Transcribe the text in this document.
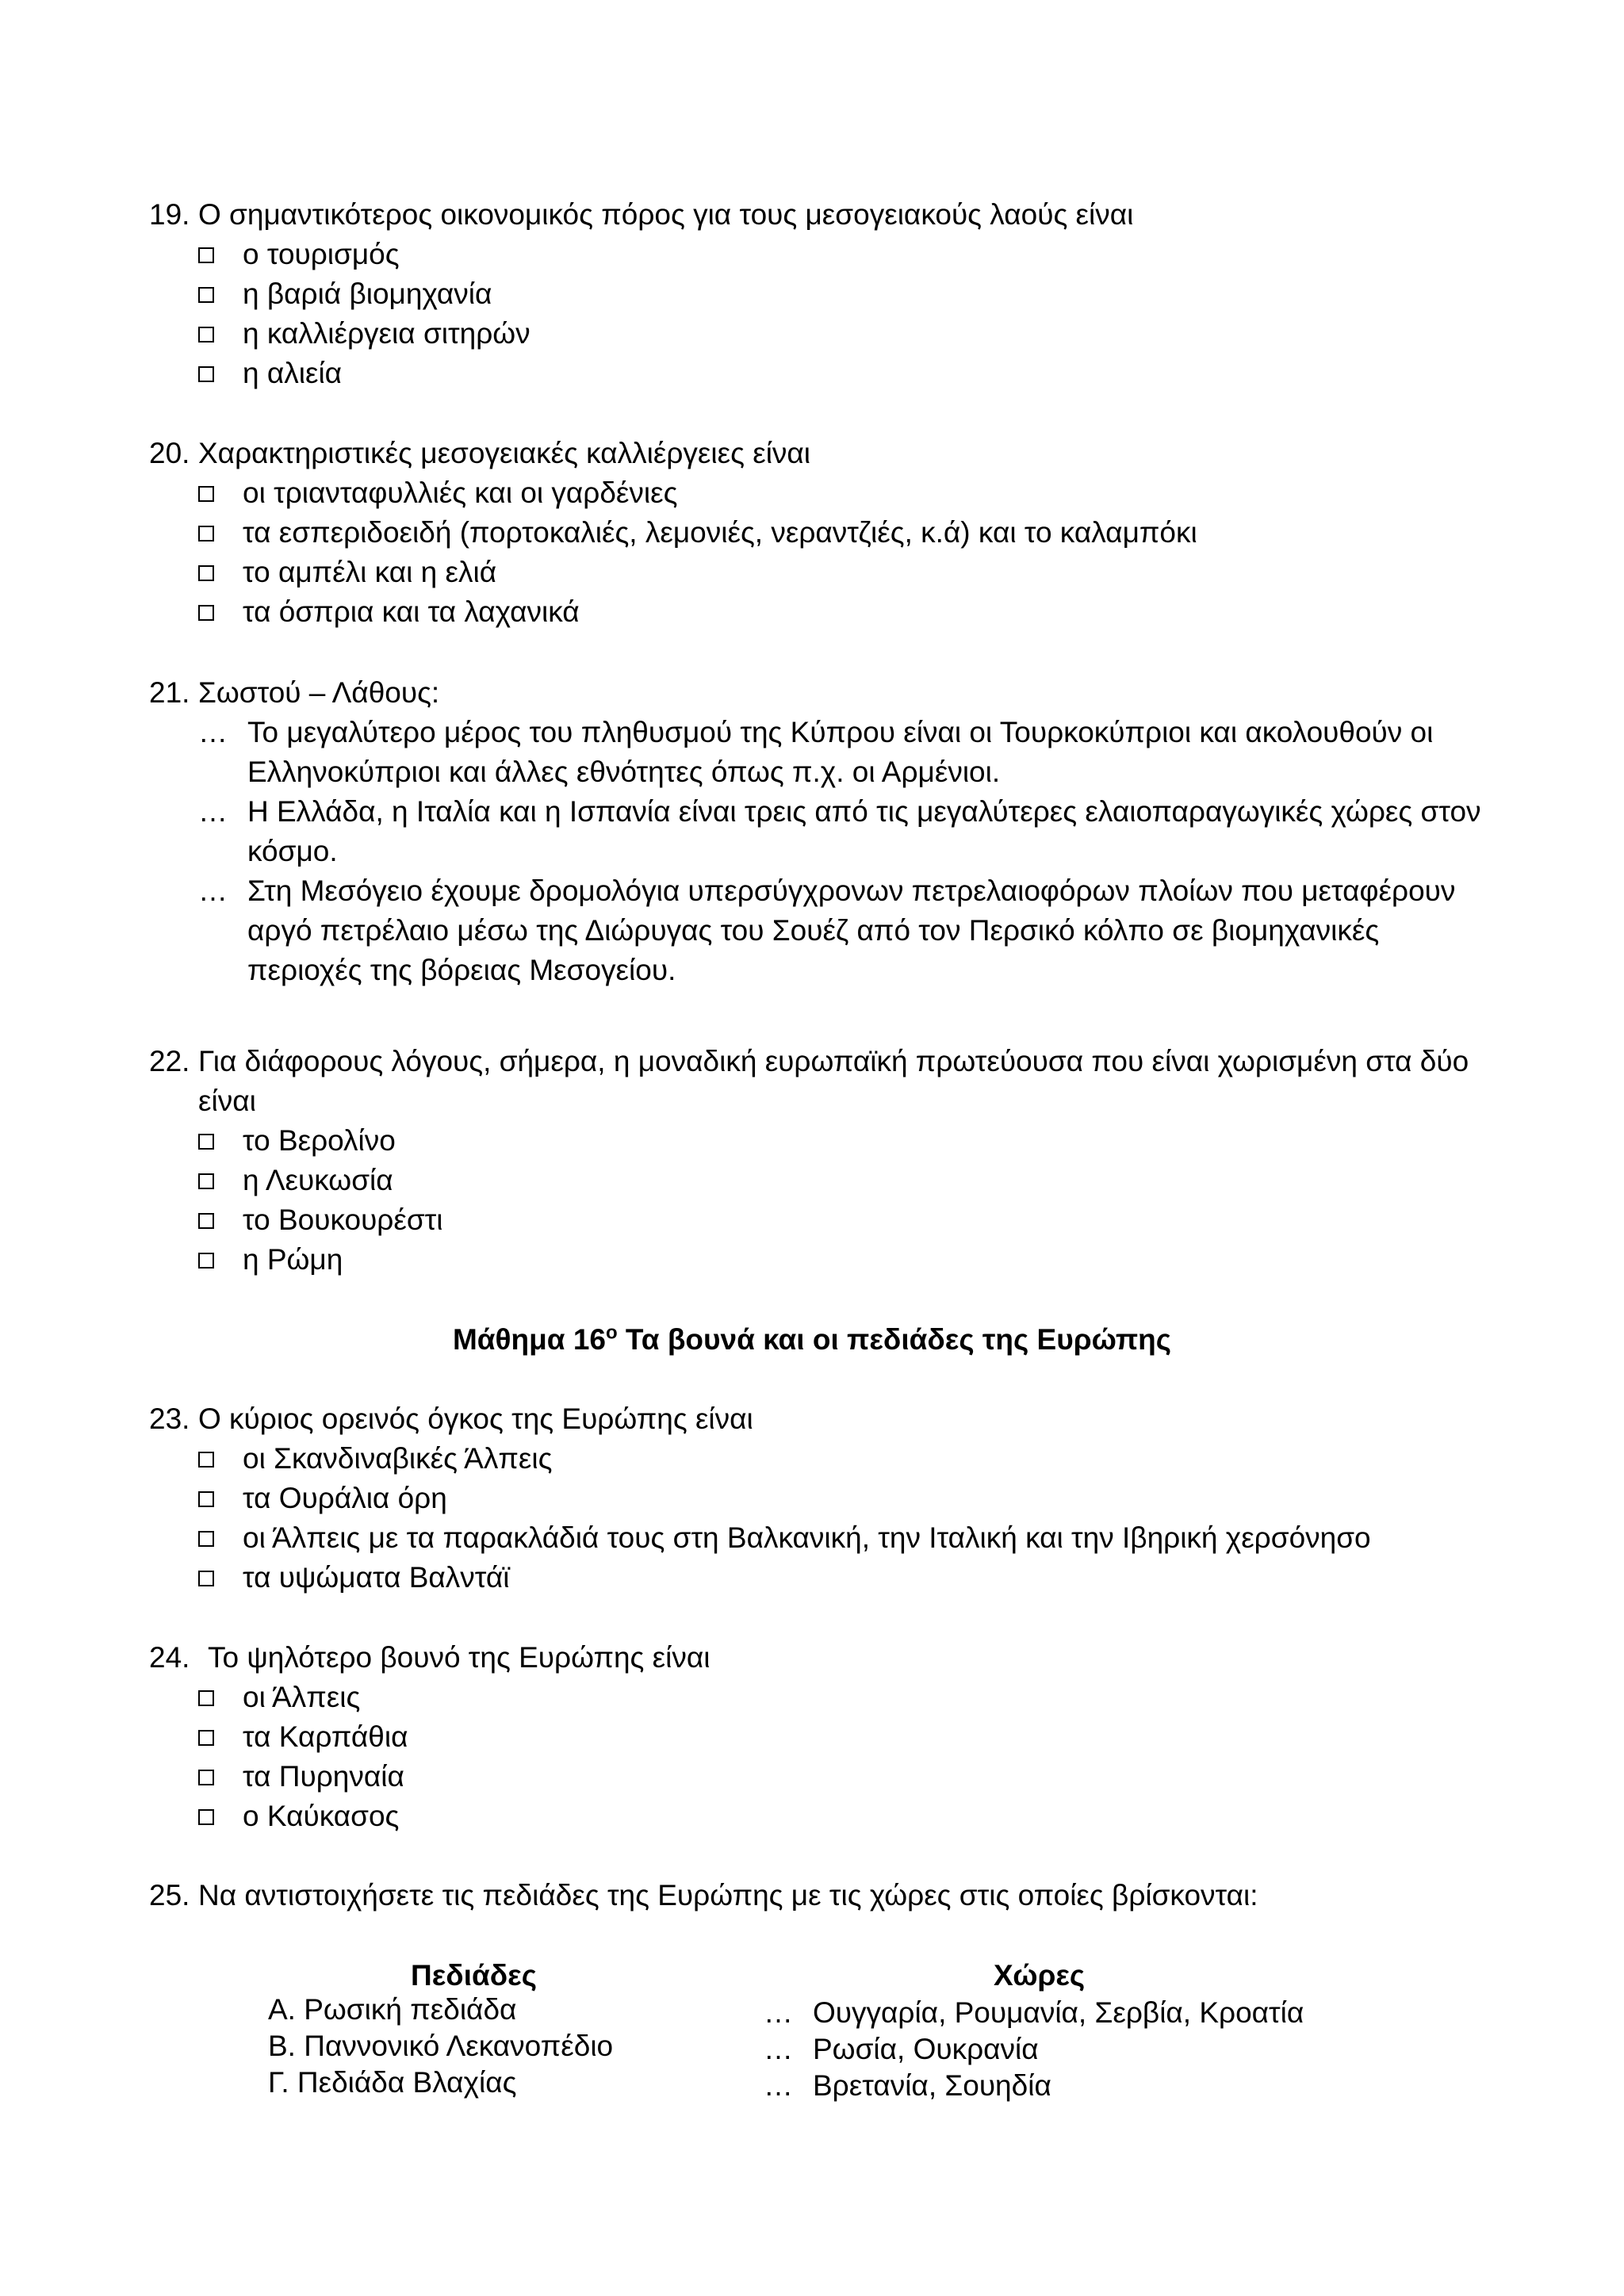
19. Ο σημαντικότερος οικονομικός πόρος για τους μεσογειακούς λαούς είναι
ο τουρισμός
η βαριά βιομηχανία
η καλλιέργεια σιτηρών
η αλιεία
20. Χαρακτηριστικές μεσογειακές καλλιέργειες είναι
οι τριανταφυλλιές και οι γαρδένιες
τα εσπεριδοειδή (πορτοκαλιές, λεμονιές, νεραντζιές, κ.ά) και το καλαμπόκι
το αμπέλι και η ελιά
τα όσπρια και τα λαχανικά
21. Σωστού – Λάθους:
… Το μεγαλύτερο μέρος του πληθυσμού της Κύπρου είναι οι Τουρκοκύπριοι και ακολουθούν οι Ελληνοκύπριοι και άλλες εθνότητες όπως π.χ. οι Αρμένιοι.
… Η Ελλάδα, η Ιταλία και η Ισπανία είναι τρεις από τις μεγαλύτερες ελαιοπαραγωγικές χώρες στον κόσμο.
… Στη Μεσόγειο έχουμε δρομολόγια υπερσύγχρονων πετρελαιοφόρων πλοίων που μεταφέρουν αργό πετρέλαιο μέσω της Διώρυγας του Σουέζ από τον Περσικό κόλπο σε βιομηχανικές περιοχές της βόρειας Μεσογείου.
22. Για διάφορους λόγους, σήμερα, η μοναδική ευρωπαϊκή πρωτεύουσα που είναι χωρισμένη στα δύο είναι
το Βερολίνο
η Λευκωσία
το Βουκουρέστι
η Ρώμη
Μάθημα $16^o$ Τα βουνά και οι πεδιάδες της Ευρώπης
23. Ο κύριος ορεινός όγκος της Ευρώπης είναι
οι Σκανδιναβικές Άλπεις
τα Ουράλια όρη
οι Άλπεις με τα παρακλάδιά τους στη Βαλκανική, την Ιταλική και την Ιβηρική χερσόνησο
τα υψώματα Βαλντάϊ
24. Το ψηλότερο βουνό της Ευρώπης είναι
οι Άλπεις
τα Καρπάθια
τα Πυρηναία
ο Καύκασος
25. Να αντιστοιχήσετε τις πεδιάδες της Ευρώπης με τις χώρες στις οποίες βρίσκονται:
Πεδιάδες	Χώρες
Α. Ρωσική πεδιάδα
Β. Παννονικό Λεκανοπέδιο
Γ. Πεδιάδα Βλαχίας
… Ουγγαρία, Ρουμανία, Σερβία, Κροατία
… Ρωσία, Ουκρανία
… Βρετανία, Σουηδία
